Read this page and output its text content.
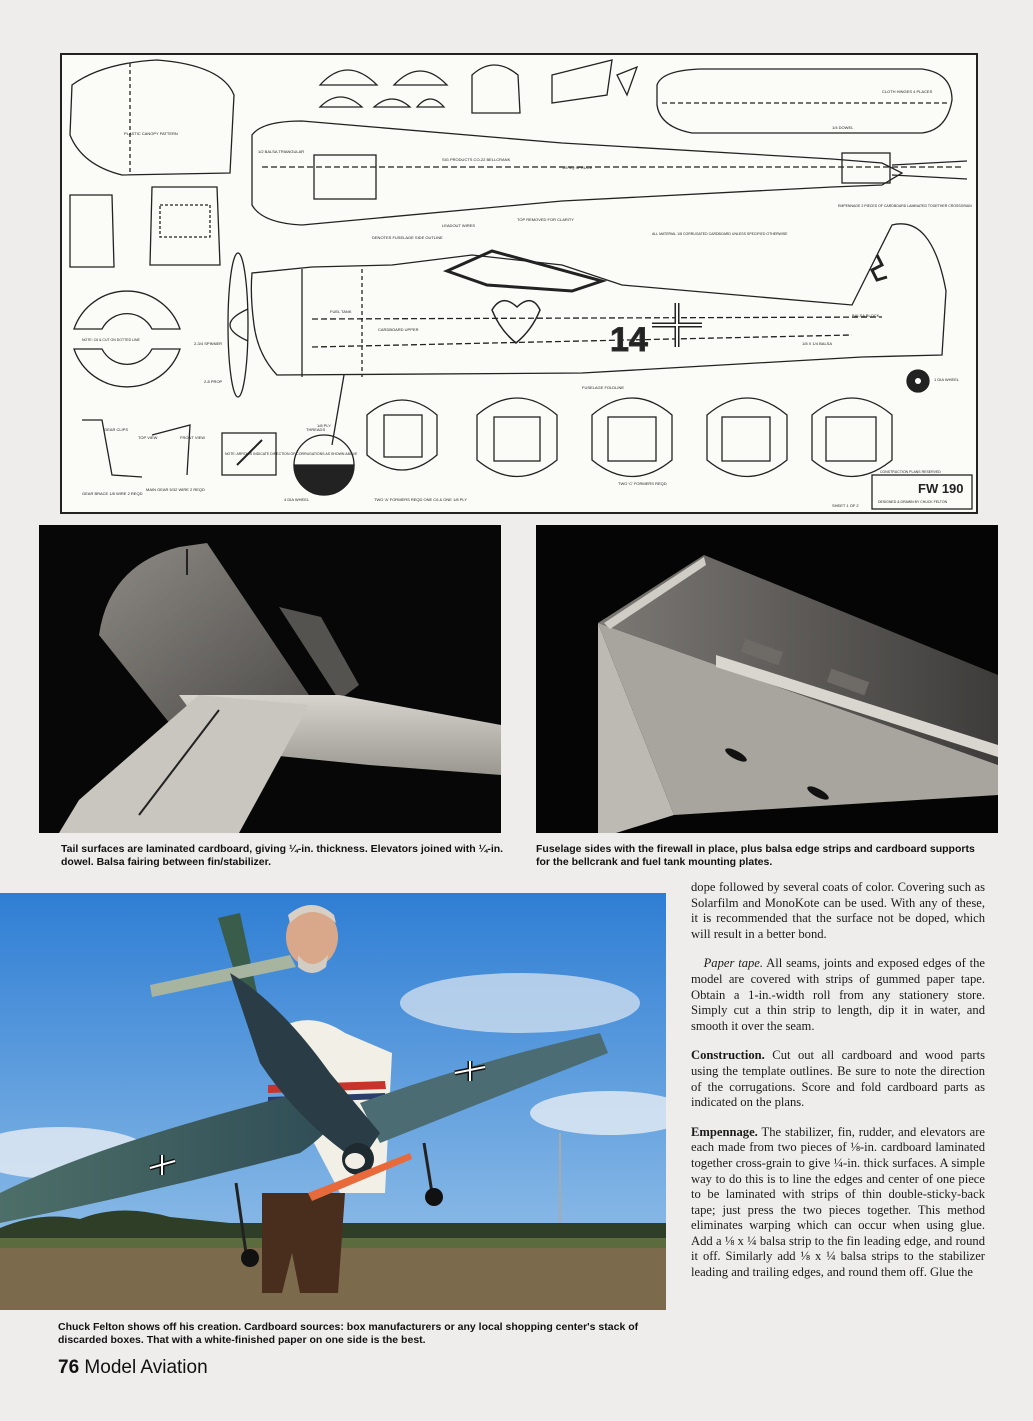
14
FW 190
DESIGNED & DRAWN BY CHUCK FELTON
SHEET 1 OF 2
CONSTRUCTION PLANS RESERVED
PLASTIC CANOPY PATTERN
BALSA BLOCK
1/8 X 1/4 BALSA
CLOTH HINGES 4 PLACES
1/4 DOWEL
1/2 BALSA TRIANGULAR
SIG PRODUCTS CO-22 BELLCRANK
1/8 SQ SPRUCE
TOP REMOVED FOR CLARITY
LEADOUT WIRES
EMPENNAGE 2 PIECES OF CARDBOARD LAMINATED TOGETHER CROSSGRAIN
ALL MATERIAL 1/8 CORRUGATED CARDBOARD UNLESS SPECIFIED OTHERWISE
DENOTES FUSELAGE SIDE OUTLINE
NOTE: C6 & CUT ON DOTTED LINE
2-3/4 SPINNER
2-8 PROP
CARDBOARD UPPER
FUSELAGE FOLDLINE
NOTE: ARROWS INDICATE DIRECTION OF CORRUGATIONS AS SHOWN ABOVE
GEAR BRACE 1/8 WIRE 2 REQD
MAIN GEAR 5/32 WIRE 2 REQD
4 DIA WHEEL
1 DIA WHEEL
TWO 'A' FORMERS REQD ONE C6 & ONE 1/8 PLY
TWO 'C' FORMERS REQD
1/8 PLY
TOP VIEW	FRONT VIEW
GEAR CLIPS	THREADS
FUEL TANK
Tail surfaces are laminated cardboard, giving ¼-in. thickness. Elevators joined with ¼-in. dowel. Balsa fairing between fin/stabilizer.
Fuselage sides with the firewall in place, plus balsa edge strips and cardboard supports for the bellcrank and fuel tank mounting plates.
Chuck Felton shows off his creation. Cardboard sources: box manufacturers or any local shopping center's stack of discarded boxes. That with a white-finished paper on one side is the best.

dope followed by several coats of color. Covering such as Solarfilm and MonoKote can be used. With any of these, it is recommended that the surface not be doped, which will result in a better bond.

 Paper tape. All seams, joints and exposed edges of the model are covered with strips of gummed paper tape. Obtain a 1-in.-width roll from any stationery store. Simply cut a thin strip to length, dip it in water, and smooth it over the seam.

Construction. Cut out all cardboard and wood parts using the template outlines. Be sure to note the direction of the corrugations. Score and fold cardboard parts as indicated on the plans.

Empennage. The stabilizer, fin, rudder, and elevators are each made from two pieces of ⅛-in. cardboard laminated together cross-grain to give ¼-in. thick surfaces. A simple way to do this is to line the edges and center of one piece to be laminated with strips of thin double-sticky-back tape; just press the two pieces together. This method eliminates warping which can occur when using glue. Add a ⅛ x ¼ balsa strip to the fin leading edge, and round it off. Similarly add ⅛ x ¼ balsa strips to the stabilizer leading and trailing edges, and round them off. Glue the

76 Model Aviation
